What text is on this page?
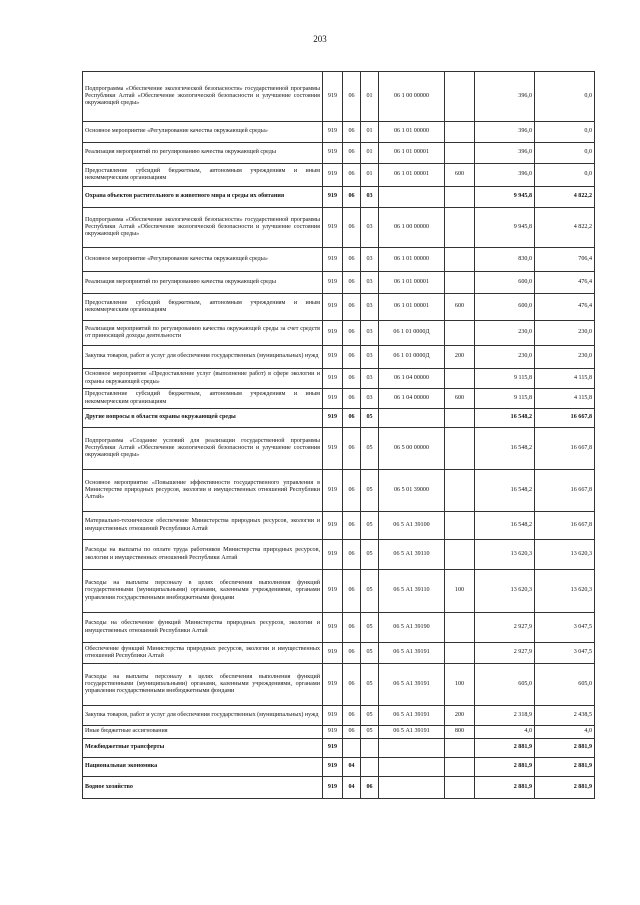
203
Подпрограмма «Обеспечение экологической безопасности» государственной программы Республики Алтай «Обеспечение экологической безопасности и улучшение состояния окружающей среды»	919	06	01	06 1 00 00000		396,0	0,0
Основное мероприятие «Регулирование качества окружающей среды»	919	06	01	06 1 01 00000		396,0	0,0
Реализация мероприятий по регулированию качества окружающей среды	919	06	01	06 1 01 00001		396,0	0,0
Предоставление субсидий бюджетным, автономным учреждениям и иным некоммерческим организациям	919	06	01	06 1 01 00001	600	396,0	0,0
Охрана объектов растительного и животного мира и среды их обитания	919	06	03			9 945,8	4 822,2
Подпрограмма «Обеспечение экологической безопасности» государственной программы Республики Алтай «Обеспечение экологической безопасности и улучшение состояния окружающей среды»	919	06	03	06 1 00 00000		9 945,8	4 822,2
Основное мероприятие «Регулирование качества окружающей среды»	919	06	03	06 1 01 00000		830,0	706,4
Реализация мероприятий по регулированию качества окружающей среды	919	06	03	06 1 01 00001		600,0	476,4
Предоставление субсидий бюджетным, автономным учреждениям и иным некоммерческим организациям	919	06	03	06 1 01 00001	600	600,0	476,4
Реализация мероприятий по регулированию качества окружающей среды за счет средств от приносящей доходы деятельности	919	06	03	06 1 01 0000Д		230,0	230,0
Закупка товаров, работ и услуг для обеспечения государственных (муниципальных) нужд	919	06	03	06 1 01 0000Д	200	230,0	230,0
Основное мероприятие «Предоставление услуг (выполнение работ) в сфере экологии и охраны окружающей среды»	919	06	03	06 1 04 00000		9 115,8	4 115,8
Предоставление субсидий бюджетным, автономным учреждениям и иным некоммерческим организациям	919	06	03	06 1 04 00000	600	9 115,8	4 115,8
Другие вопросы в области охраны окружающей среды	919	06	05			16 548,2	16 667,8
Подпрограмма «Создание условий для реализации государственной программы Республики Алтай «Обеспечение экологической безопасности и улучшение состояния окружающей среды»	919	06	05	06 5 00 00000		16 548,2	16 667,8
Основное мероприятие «Повышение эффективности государственного управления в Министерстве природных ресурсов, экологии и имущественных отношений Республики Алтай»	919	06	05	06 5 01 39000		16 548,2	16 667,8
Материально-техническое обеспечение Министерства природных ресурсов, экологии и имущественных отношений Республики Алтай	919	06	05	06 5 А1 39100		16 548,2	16 667,8
Расходы на выплаты по оплате труда работников Министерства природных ресурсов, экологии и имущественных отношений Республики Алтай	919	06	05	06 5 А1 39110		13 620,3	13 620,3
Расходы на выплаты персоналу в целях обеспечения выполнения функций государственными (муниципальными) органами, казенными учреждениями, органами управления государственными внебюджетными фондами	919	06	05	06 5 А1 39110	100	13 620,3	13 620,3
Расходы на обеспечение функций Министерства природных ресурсов, экологии и имущественных отношений Республики Алтай	919	06	05	06 5 А1 39190		2 927,9	3 047,5
Обеспечение функций Министерства природных ресурсов, экологии и имущественных отношений Республики Алтай	919	06	05	06 5 А1 39191		2 927,9	3 047,5
Расходы на выплаты персоналу в целях обеспечения выполнения функций государственными (муниципальными) органами, казенными учреждениями, органами управления государственными внебюджетными фондами	919	06	05	06 5 А1 39191	100	605,0	605,0
Закупка товаров, работ и услуг для обеспечения государственных (муниципальных) нужд	919	06	05	06 5 А1 39191	200	2 318,9	2 438,5
Иные бюджетные ассигнования	919	06	05	06 5 А1 39191	800	4,0	4,0
Межбюджетные трансферты	919					2 881,9	2 881,9
Национальная экономика	919	04				2 881,9	2 881,9
Водное хозяйство	919	04	06			2 881,9	2 881,9
